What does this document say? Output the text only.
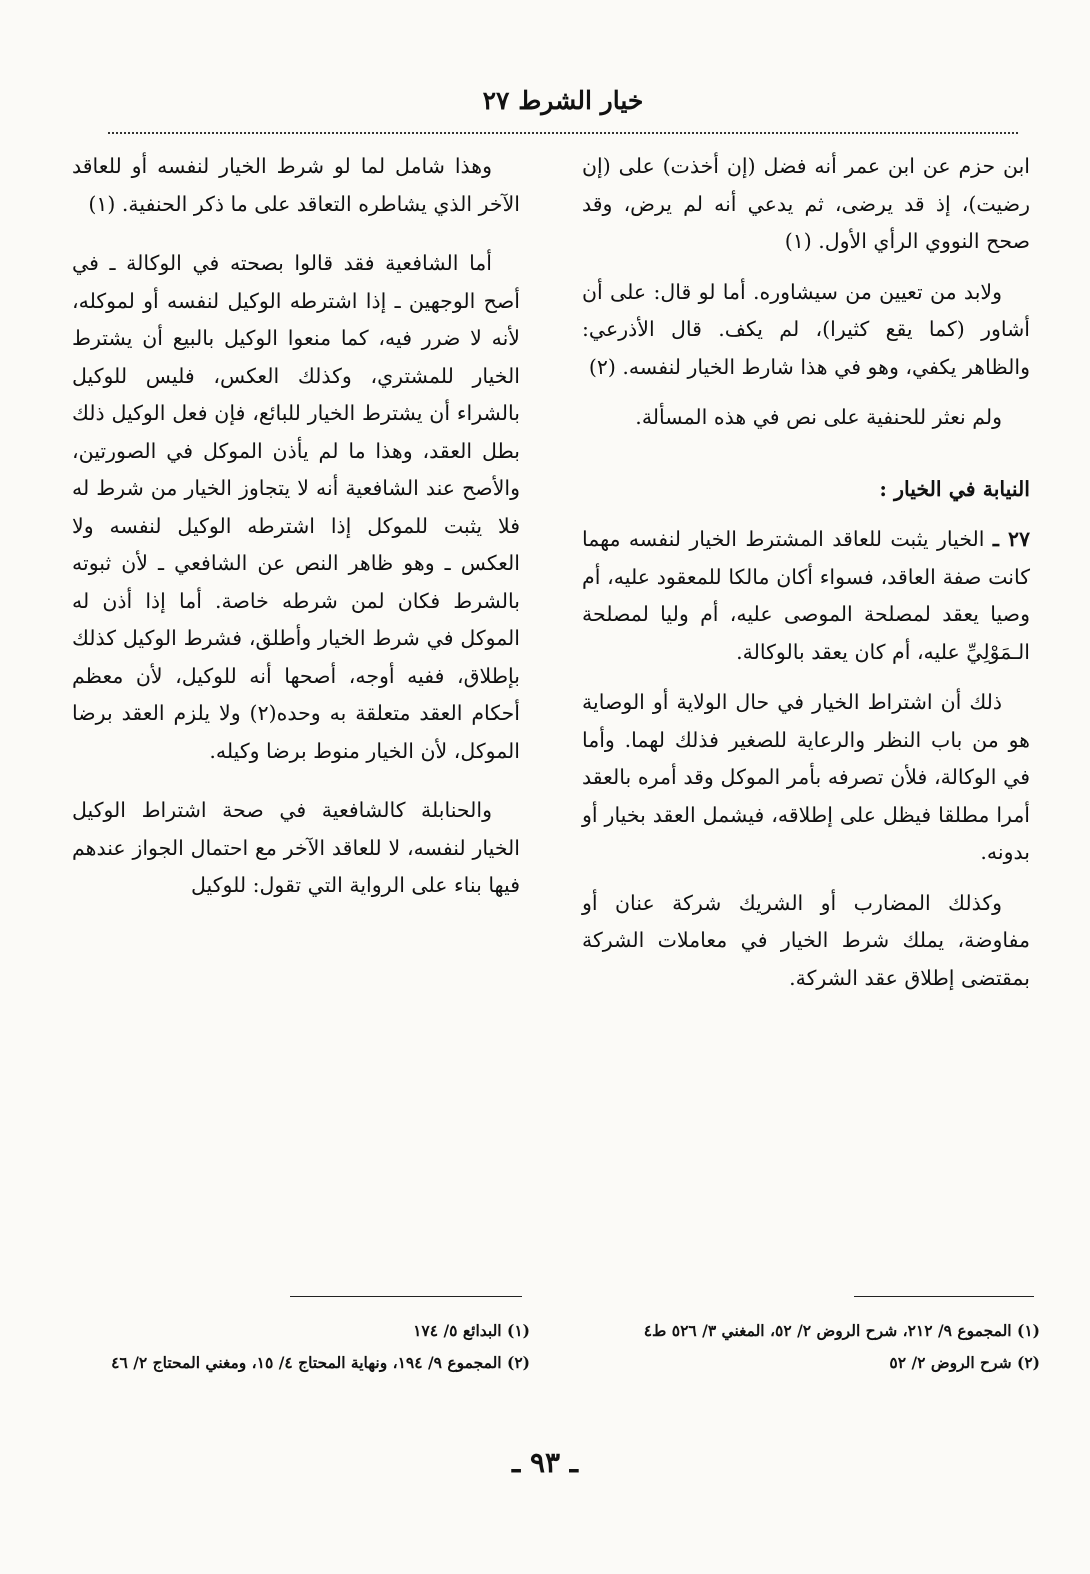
خيار الشرط ٢٧

ابن حزم عن ابن عمر أنه فضل (إن أخذت) على (إن رضيت)، إذ قد يرضى، ثم يدعي أنه لم يرض، وقد صحح النووي الرأي الأول. (١)

ولابد من تعيين من سيشاوره. أما لو قال: على أن أشاور (كما يقع كثيرا)، لم يكف. قال الأذرعي: والظاهر يكفي، وهو في هذا شارط الخيار لنفسه. (٢)

ولم نعثر للحنفية على نص في هذه المسألة.

النيابة في الخيار :

٢٧ ـ الخيار يثبت للعاقد المشترط الخيار لنفسه مهما كانت صفة العاقد، فسواء أكان مالكا للمعقود عليه، أم وصيا يعقد لمصلحة الموصى عليه، أم وليا لمصلحة الـمَوْلِيِّ عليه، أم كان يعقد بالوكالة.

ذلك أن اشتراط الخيار في حال الولاية أو الوصاية هو من باب النظر والرعاية للصغير فذلك لهما. وأما في الوكالة، فلأن تصرفه بأمر الموكل وقد أمره بالعقد أمرا مطلقا فيظل على إطلاقه، فيشمل العقد بخيار أو بدونه.

وكذلك المضارب أو الشريك شركة عنان أو مفاوضة، يملك شرط الخيار في معاملات الشركة بمقتضى إطلاق عقد الشركة.

وهذا شامل لما لو شرط الخيار لنفسه أو للعاقد الآخر الذي يشاطره التعاقد على ما ذكر الحنفية. (١)

أما الشافعية فقد قالوا بصحته في الوكالة ـ في أصح الوجهين ـ إذا اشترطه الوكيل لنفسه أو لموكله، لأنه لا ضرر فيه، كما منعوا الوكيل بالبيع أن يشترط الخيار للمشتري، وكذلك العكس، فليس للوكيل بالشراء أن يشترط الخيار للبائع، فإن فعل الوكيل ذلك بطل العقد، وهذا ما لم يأذن الموكل في الصورتين، والأصح عند الشافعية أنه لا يتجاوز الخيار من شرط له فلا يثبت للموكل إذا اشترطه الوكيل لنفسه ولا العكس ـ وهو ظاهر النص عن الشافعي ـ لأن ثبوته بالشرط فكان لمن شرطه خاصة. أما إذا أذن له الموكل في شرط الخيار وأطلق، فشرط الوكيل كذلك بإطلاق، ففيه أوجه، أصحها أنه للوكيل، لأن معظم أحكام العقد متعلقة به وحده(٢) ولا يلزم العقد برضا الموكل، لأن الخيار منوط برضا وكيله.

والحنابلة كالشافعية في صحة اشتراط الوكيل الخيار لنفسه، لا للعاقد الآخر مع احتمال الجواز عندهم فيها بناء على الرواية التي تقول: للوكيل

(١) المجموع ٩/ ٢١٢، شرح الروض ٢/ ٥٢، المغني ٣/ ٥٢٦ ط٤

(٢) شرح الروض ٢/ ٥٢

(١) البدائع ٥/ ١٧٤

(٢) المجموع ٩/ ١٩٤، ونهاية المحتاج ٤/ ١٥، ومغني المحتاج ٢/ ٤٦

ـ ٩٣ ـ
